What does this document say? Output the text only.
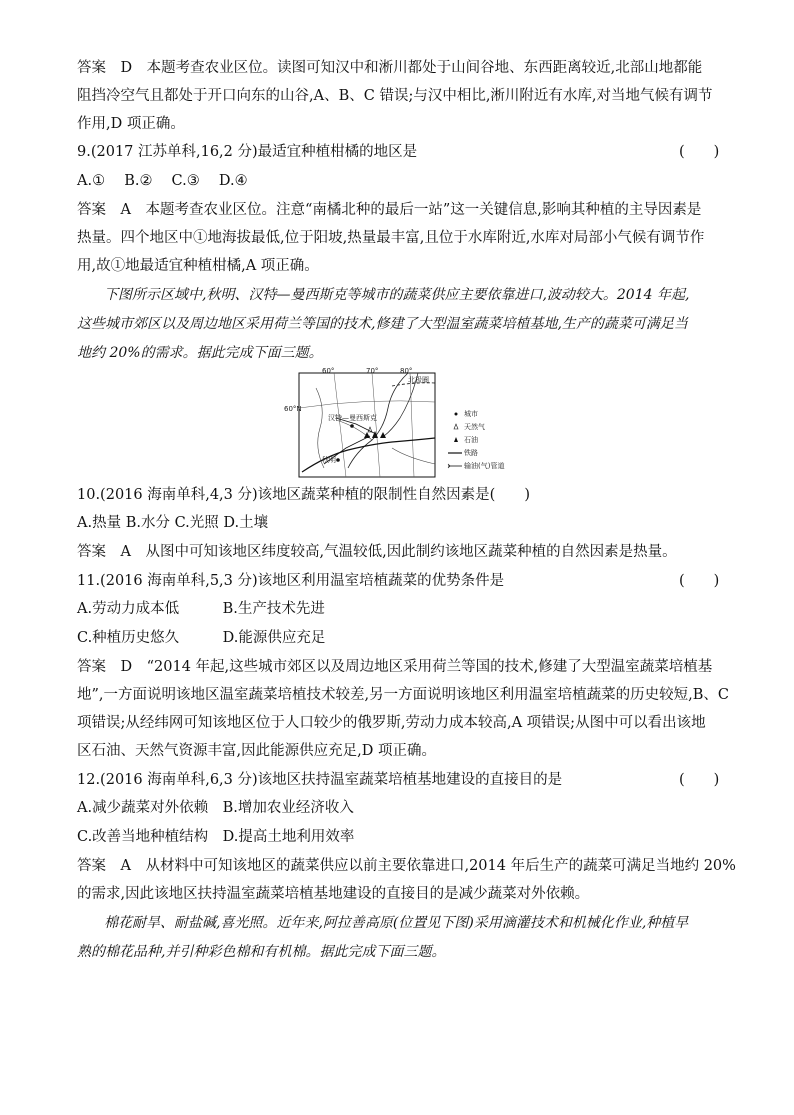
答案　D　本题考查农业区位。读图可知汉中和淅川都处于山间谷地、东西距离较近,北部山地都能
阻挡冷空气且都处于开口向东的山谷,A、B、C 错误;与汉中相比,淅川附近有水库,对当地气候有调节
作用,D 项正确。
9.(2017 江苏单科,16,2 分)最适宜种植柑橘的地区是	(　　)
A.①　 B.②　 C.③　 D.④
答案　A　本题考查农业区位。注意“南橘北种的最后一站”这一关键信息,影响其种植的主导因素是
热量。四个地区中①地海拔最低,位于阳坡,热量最丰富,且位于水库附近,水库对局部小气候有调节作
用,故①地最适宜种植柑橘,A 项正确。
下图所示区域中,秋明、汉特—曼西斯克等城市的蔬菜供应主要依靠进口,波动较大。2014 年起,
这些城市郊区以及周边地区采用荷兰等国的技术,修建了大型温室蔬菜培植基地,生产的蔬菜可满足当
地约 20%的需求。据此完成下面三题。
60°	70°	80°
60°N
北极圈
汉特—曼西斯克
秋明
城市
天然气
石油
铁路
输油(气)管道
10.(2016 海南单科,4,3 分)该地区蔬菜种植的限制性自然因素是(　　)
A.热量 B.水分 C.光照 D.土壤
答案　A　从图中可知该地区纬度较高,气温较低,因此制约该地区蔬菜种植的自然因素是热量。
11.(2016 海南单科,5,3 分)该地区利用温室培植蔬菜的优势条件是	(　　)
A.劳动力成本低　　　B.生产技术先进
C.种植历史悠久　　　D.能源供应充足
答案　D　“2014 年起,这些城市郊区以及周边地区采用荷兰等国的技术,修建了大型温室蔬菜培植基
地”,一方面说明该地区温室蔬菜培植技术较差,另一方面说明该地区利用温室培植蔬菜的历史较短,B、C
项错误;从经纬网可知该地区位于人口较少的俄罗斯,劳动力成本较高,A 项错误;从图中可以看出该地
区石油、天然气资源丰富,因此能源供应充足,D 项正确。
12.(2016 海南单科,6,3 分)该地区扶持温室蔬菜培植基地建设的直接目的是	(　　)
A.减少蔬菜对外依赖　B.增加农业经济收入
C.改善当地种植结构　D.提高土地利用效率
答案　A　从材料中可知该地区的蔬菜供应以前主要依靠进口,2014 年后生产的蔬菜可满足当地约 20%
的需求,因此该地区扶持温室蔬菜培植基地建设的直接目的是减少蔬菜对外依赖。
棉花耐旱、耐盐碱,喜光照。近年来,阿拉善高原(位置见下图)采用滴灌技术和机械化作业,种植早
熟的棉花品种,并引种彩色棉和有机棉。据此完成下面三题。
